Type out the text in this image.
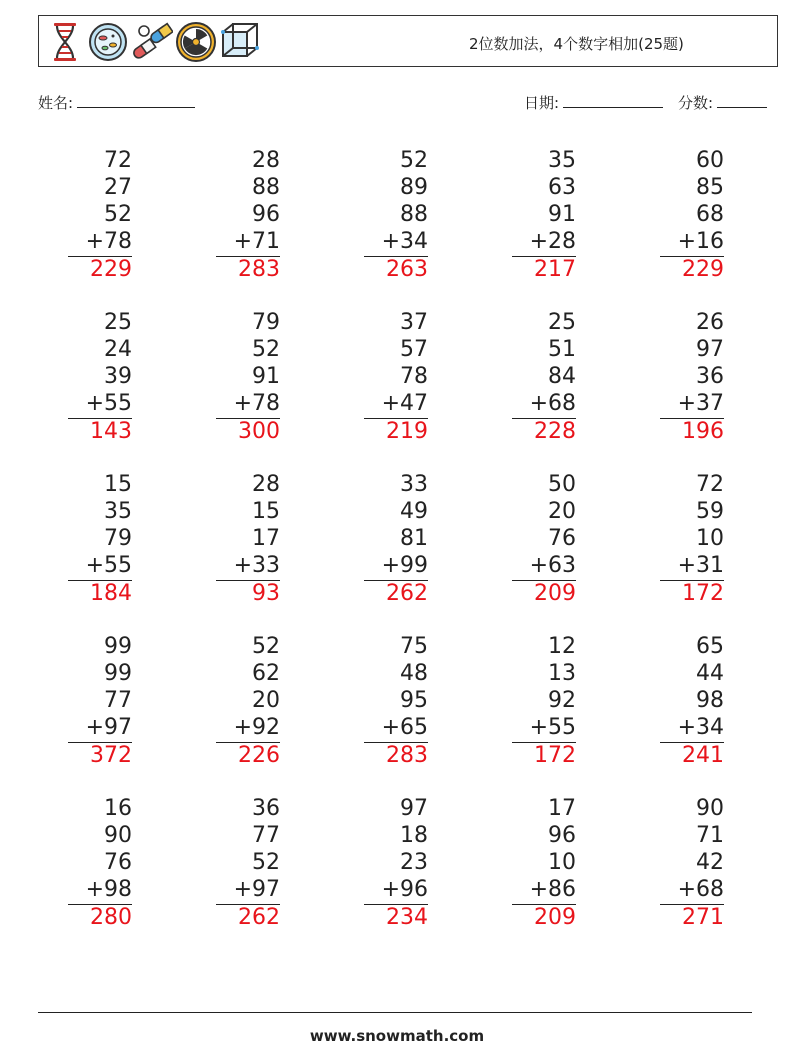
2位数加法，4个数字相加(25题)
姓名:	日期:	分数:
72
27
52
+78
229
28
88
96
+71
283
52
89
88
+34
263
35
63
91
+28
217
60
85
68
+16
229
25
24
39
+55
143
79
52
91
+78
300
37
57
78
+47
219
25
51
84
+68
228
26
97
36
+37
196
15
35
79
+55
184
28
15
17
+33
93
33
49
81
+99
262
50
20
76
+63
209
72
59
10
+31
172
99
99
77
+97
372
52
62
20
+92
226
75
48
95
+65
283
12
13
92
+55
172
65
44
98
+34
241
16
90
76
+98
280
36
77
52
+97
262
97
18
23
+96
234
17
96
10
+86
209
90
71
42
+68
271
www.snowmath.com
